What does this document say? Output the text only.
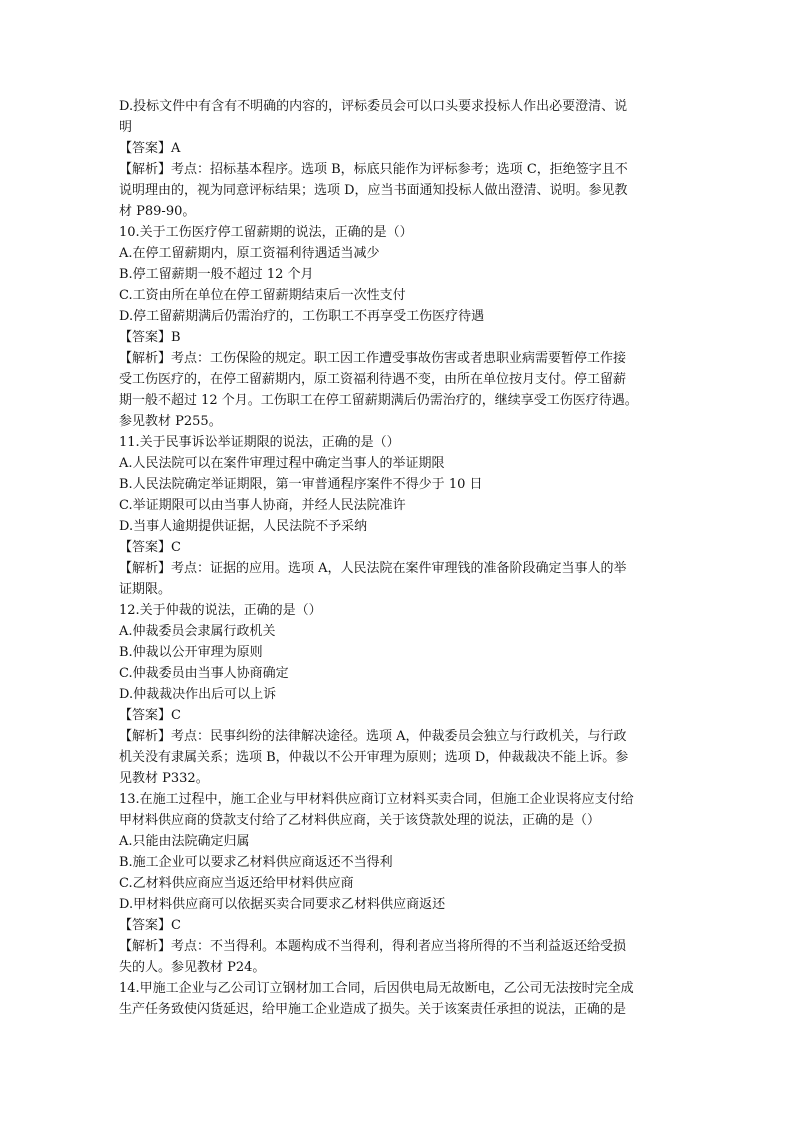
D.投标文件中有含有不明确的内容的，评标委员会可以口头要求投标人作出必要澄清、说
明
【答案】A
【解析】考点：招标基本程序。选项 B，标底只能作为评标参考；选项 C，拒绝签字且不
说明理由的，视为同意评标结果；选项 D，应当书面通知投标人做出澄清、说明。参见教
材 P89-90。
10.关于工伤医疗停工留薪期的说法，正确的是（）
A.在停工留薪期内，原工资福利待遇适当减少
B.停工留薪期一般不超过 12 个月
C.工资由所在单位在停工留薪期结束后一次性支付
D.停工留薪期满后仍需治疗的，工伤职工不再享受工伤医疗待遇
【答案】B
【解析】考点：工伤保险的规定。职工因工作遭受事故伤害或者患职业病需要暂停工作接
受工伤医疗的，在停工留薪期内，原工资福利待遇不变，由所在单位按月支付。停工留薪
期一般不超过 12 个月。工伤职工在停工留薪期满后仍需治疗的，继续享受工伤医疗待遇。
参见教材 P255。
11.关于民事诉讼举证期限的说法，正确的是（）
A.人民法院可以在案件审理过程中确定当事人的举证期限
B.人民法院确定举证期限，第一审普通程序案件不得少于 10 日
C.举证期限可以由当事人协商，并经人民法院准许
D.当事人逾期提供证据，人民法院不予采纳
【答案】C
【解析】考点：证据的应用。选项 A，人民法院在案件审理钱的准备阶段确定当事人的举
证期限。
12.关于仲裁的说法，正确的是（）
A.仲裁委员会隶属行政机关
B.仲裁以公开审理为原则
C.仲裁委员由当事人协商确定
D.仲裁裁决作出后可以上诉
【答案】C
【解析】考点：民事纠纷的法律解决途径。选项 A，仲裁委员会独立与行政机关，与行政
机关没有隶属关系；选项 B，仲裁以不公开审理为原则；选项 D，仲裁裁决不能上诉。参
见教材 P332。
13.在施工过程中，施工企业与甲材料供应商订立材料买卖合同，但施工企业误将应支付给
甲材料供应商的贷款支付给了乙材料供应商，关于该贷款处理的说法，正确的是（）
A.只能由法院确定归属
B.施工企业可以要求乙材料供应商返还不当得利
C.乙材料供应商应当返还给甲材料供应商
D.甲材料供应商可以依据买卖合同要求乙材料供应商返还
【答案】C
【解析】考点：不当得利。本题构成不当得利，得利者应当将所得的不当利益返还给受损
失的人。参见教材 P24。
14.甲施工企业与乙公司订立钢材加工合同，后因供电局无故断电，乙公司无法按时完全成
生产任务致使闪货延迟，给甲施工企业造成了损失。关于该案责任承担的说法，正确的是
